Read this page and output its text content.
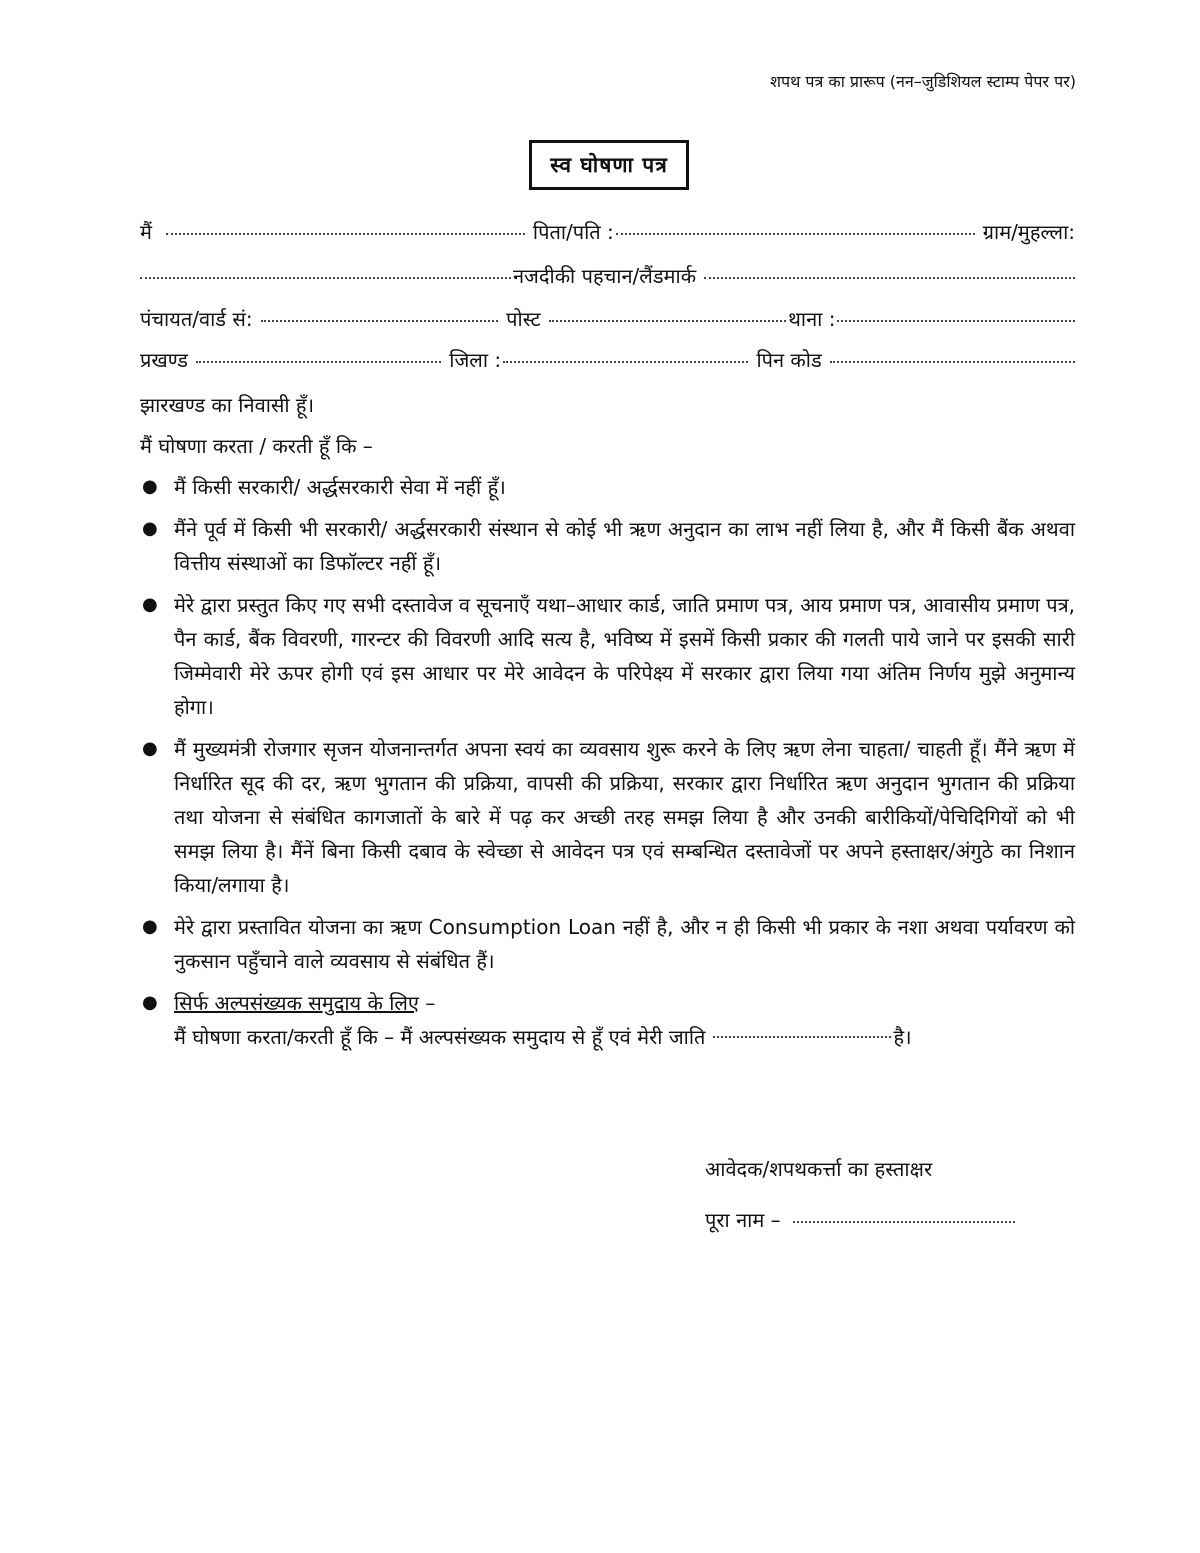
शपथ पत्र का प्रारूप (नन–जुडिशियल स्टाम्प पेपर पर)
स्व घोषणा पत्र
मैं	पिता/पति :	ग्राम/मुहल्ला:
नजदीकी पहचान/लैंडमार्क
पंचायत/वार्ड सं:	पोस्ट	थाना :
प्रखण्ड	जिला :	पिन कोड
झारखण्ड का निवासी हूँ।
मैं घोषणा करता / करती हूँ कि –
● मैं किसी सरकारी/ अर्द्धसरकारी सेवा में नहीं हूँ।

● मैंने पूर्व में किसी भी सरकारी/ अर्द्धसरकारी संस्थान से कोई भी ऋण अनुदान का लाभ नहीं लिया है, और मैं किसी बैंक अथवा वित्तीय संस्थाओं का डिफॉल्टर नहीं हूँ।

● मेरे द्वारा प्रस्तुत किए गए सभी दस्तावेज व सूचनाएँ यथा–आधार कार्ड, जाति प्रमाण पत्र, आय प्रमाण पत्र, आवासीय प्रमाण पत्र, पैन कार्ड, बैंक विवरणी, गारन्टर की विवरणी आदि सत्य है, भविष्य में इसमें किसी प्रकार की गलती पाये जाने पर इसकी सारी जिम्मेवारी मेरे ऊपर होगी एवं इस आधार पर मेरे आवेदन के परिपेक्ष्य में सरकार द्वारा लिया गया अंतिम निर्णय मुझे अनुमान्य होगा।

● मैं मुख्यमंत्री रोजगार सृजन योजनान्तर्गत अपना स्वयं का व्यवसाय शुरू करने के लिए ऋण लेना चाहता/ चाहती हूँ। मैंने ऋण में निर्धारित सूद की दर, ऋण भुगतान की प्रक्रिया, वापसी की प्रक्रिया, सरकार द्वारा निर्धारित ऋण अनुदान भुगतान की प्रक्रिया तथा योजना से संबंधित कागजातों के बारे में पढ़ कर अच्छी तरह समझ लिया है और उनकी बारीकियों/पेचिदिगियों को भी समझ लिया है। मैंनें बिना किसी दबाव के स्वेच्छा से आवेदन पत्र एवं सम्बन्धित दस्तावेजों पर अपने हस्ताक्षर/अंगुठे का निशान किया/लगाया है।

● मेरे द्वारा प्रस्तावित योजना का ऋण Consumption Loan नहीं है, और न ही किसी भी प्रकार के नशा अथवा पर्यावरण को नुकसान पहुँचाने वाले व्यवसाय से संबंधित हैं।

● सिर्फ अल्पसंख्यक समुदाय के लिए –

मैं घोषणा करता/करती हूँ कि – मैं अल्पसंख्यक समुदाय से हूँ एवं मेरी जाति	है।

आवेदक/शपथकर्त्ता का हस्ताक्षर
पूरा नाम –
